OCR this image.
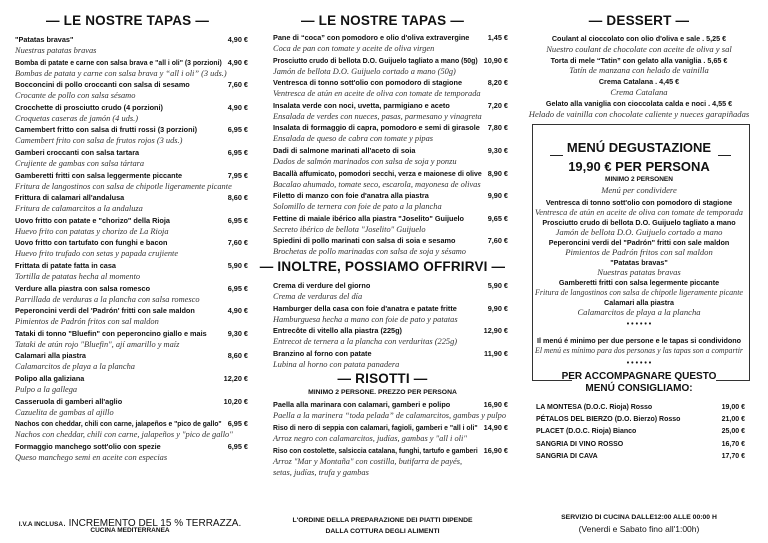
— LE NOSTRE TAPAS —
"Patatas bravas"	4,90 €
Nuestras patatas bravas
Bomba di patate e carne con salsa brava e "all i oli" (3 porzioni) 4,90 €
Bombas de patata y carne con salsa brava y “all i oli” (3 uds.)
Bocconcini di pollo croccanti con salsa di sesamo	7,60 €
Crocante de pollo con salsa sésamo
Crocchette di prosciutto crudo (4 porzioni)	4,90 €
Croquetas caseras de jamón (4 uds.)
Camembert fritto con salsa di frutti rossi (3 porzioni)	6,95 €
Camembert frito con salsa de frutos rojos (3 uds.)
Gamberi croccanti con salsa tartara	6,95 €
Crujiente de gambas con salsa tártara
Gamberetti fritti con salsa leggermente piccante	7,95 €
Fritura de langostinos con salsa de chipotle ligeramente picante
Frittura di calamari all'andalusa	8,60 €
Fritura de calamarcitos a la andaluza
Uovo fritto con patate e "chorizo" della Rioja	6,95 €
Huevo frito con patatas y chorizo de La Rioja
Uovo fritto con tartufato con funghi e bacon	7,60 €
Huevo frito trufado con setas y papada crujiente
Frittata di patate fatta in casa	5,90 €
Tortilla de patatas hecha al momento
Verdure alla piastra con salsa romesco	6,95 €
Parrillada de verduras a la plancha con salsa romesco
Peperoncini verdi del 'Padrón' fritti con sale maldon	4,90 €
Pimientos de Padrón fritos con sal maldon
Tataki di tonno "Bluefin" con peperoncino giallo e mais	9,30 €
Tataki de atún rojo "Bluefin", ají amarillo y maíz
Calamari alla piastra	8,60 €
Calamarcitos de playa a la plancha
Polipo alla galiziana	12,20 €
Pulpo a la gallega
Casseruola di gamberi all'aglio	10,20 €
Cazuelita de gambas al ajillo
Nachos con cheddar, chili con carne, jalapeños e "pico de gallo" 6,95 €
Nachos con cheddar, chili con carne, jalapeños y "pico de gallo"
Formaggio manchego sott'olio con spezie	6,95 €
Queso manchego semi en aceite con especias
I.V.A INCLUSA. INCREMENTO DEL 15 % TERRAZZA.
CUCINA MEDITERRANEA
— LE NOSTRE TAPAS —
Pane di “coca” con pomodoro e olio d'oliva extravergine	1,45 €
Coca de pan con tomate y aceite de oliva virgen
Prosciutto crudo di bellota D.O. Guijuelo tagliato a mano (50g) 10,90 €
Jamón de bellota D.O. Guijuelo cortado a mano (50g)
Ventresca di tonno sott'olio con pomodoro di stagione	8,20 €
Ventresca de atún en aceite de oliva con tomate de temporada
Insalata verde con noci, uvetta, parmigiano e aceto	7,20 €
Ensalada de verdes con nueces, pasas, parmesano y vinagreta
Insalata di formaggio di capra, pomodoro e semi di girasole 7,80 €
Ensalada de queso de cabra con tomate y pipas
Dadi di salmone marinati all'aceto di soia	9,30 €
Dados de salmón marinados con salsa de soja y ponzu
Bacallà affumicato, pomodori secchi, verza e maionese di olive 8,90 €
Bacalao ahumado, tomate seco, escarola, mayonesa de olivas
Filetto di manzo con foie d'anatra alla piastra	9,90 €
Solomillo de ternera con foie de pato a la plancha
Fettine di maiale ibérico alla piastra "Joselito" Guijuelo	9,65 €
Secreto ibérico de bellota "Joselito" Guijuelo
Spiedini di pollo marinati con salsa di soia e sesamo	7,60 €
Brochetas de pollo marinadas con salsa de soja y sésamo
— INOLTRE, POSSIAMO OFFRIRVI —
Crema di verdure del giorno	5,90 €
Crema de verduras del día
Hamburger della casa con foie d'anatra e patate fritte	9,90 €
Hamburguesa hecha a mano con foie de pato y patatas
Entrecôte di vitello alla piastra (225g)	12,90 €
Entrecot de ternera a la plancha con verduritas (225g)
Branzino al forno con patate	11,90 €
Lubina al horno con patata panadera
— RISOTTI —
MINIMO 2 PERSONE. PREZZO PER PERSONA
Paella alla marinara con calamari, gamberi e polipo	16,90 €
Paella a la marinera “toda pelada” de calamarcitos, gambas y pulpo
Riso di nero di seppia con calamari, fagioli, gamberi e "all i oli" 14,90 €
Arroz negro con calamarcitos, judías, gambas y "all i oli"
Riso con costolette, salsiccia catalana, funghi, tartufo e gamberi 16,90 €
Arroz "Mar y Montaña" con costilla, butifarra de payés,
setas, judías, trufa y gambas
L'ORDINE DELLA PREPARAZIONE DEI PIATTI DIPENDE
DALLA COTTURA DEGLI ALIMENTI
— DESSERT —
Coulant al cioccolato con olio d'oliva e sale . 5,25 €
Nuestro coulant de chocolate con aceite de oliva y sal
Torta di mele “Tatin” con gelato alla vaniglia . 5,65 €
Tatín de manzana con helado de vainilla
Crema Catalana . 4,45 €
Crema Catalana
Gelato alla vaniglia con cioccolata calda e noci . 4,55 €
Helado de vainilla con chocolate caliente y nueces garapiñadas
MENÚ DEGUSTAZIONE
19,90 € PER PERSONA
MINIMO 2 PERSONEN
Menú per condividere
Ventresca di tonno sott'olio con pomodoro di stagione
Ventresca de atún en aceite de oliva con tomate de temporada
Prosciutto crudo di bellota D.O. Guijuelo tagliato a mano
Jamón de bellota D.O. Guijuelo cortado a mano
Peperoncini verdi del "Padrón" fritti con sale maldon
Pimientos de Padrón fritos con sal maldon
"Patatas bravas"
Nuestras patatas bravas
Gamberetti fritti con salsa legermente piccante
Fritura de langostinos con salsa de chipotle ligeramente picante
Calamari alla piastra
Calamarcitos de playa a la plancha
• • • • • •
Il menú é minimo per due persone e le tapas si condividono
El menú es mínimo para dos personas y las tapas son a compartir
• • • • • •
PER ACCOMPAGNARE QUESTO
MENÚ CONSIGLIAMO:
LA MONTESA (D.O.C. Rioja) Rosso	19,00 €
PÉTALOS DEL BIERZO (D.O. Bierzo) Rosso	21,00 €
PLACET (D.O.C. Rioja) Bianco	25,00 €
SANGRIA DI VINO ROSSO	16,70 €
SANGRIA DI CAVA	17,70 €
SERVIZIO DI CUCINA DALLE12:00 ALLE 00:00 H
(Venerdi e Sabato fino all'1:00h)
